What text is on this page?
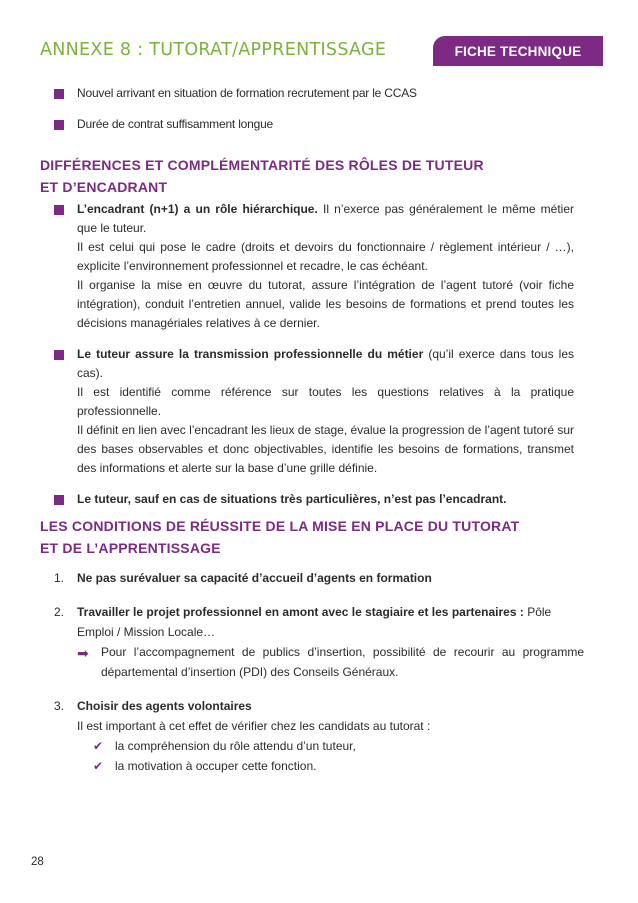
ANNEXE 8 : TUTORAT/APPRENTISSAGE	FICHE TECHNIQUE
Nouvel arrivant en situation de formation recrutement par le CCAS
Durée de contrat suffisamment longue
DIFFÉRENCES ET COMPLÉMENTARITÉ DES RÔLES DE TUTEUR
ET D’ENCADRANT

L’encadrant (n+1) a un rôle hiérarchique. Il n’exerce pas généralement le même métier que le tuteur.

Il est celui qui pose le cadre (droits et devoirs du fonctionnaire / règlement intérieur / …), explicite l’environnement professionnel et recadre, le cas échéant.

Il organise la mise en œuvre du tutorat, assure l’intégration de l’agent tutoré (voir fiche intégration), conduit l’entretien annuel, valide les besoins de formations et prend toutes les décisions managériales relatives à ce dernier.

Le tuteur assure la transmission professionnelle du métier (qu’il exerce dans tous les cas).

Il est identifié comme référence sur toutes les questions relatives à la pratique professionnelle.

Il définit en lien avec l’encadrant les lieux de stage, évalue la progression de l’agent tutoré sur des bases observables et donc objectivables, identifie les besoins de formations, transmet des informations et alerte sur la base d’une grille définie.

Le tuteur, sauf en cas de situations très particulières, n’est pas l’encadrant.

LES CONDITIONS DE RÉUSSITE DE LA MISE EN PLACE DU TUTORAT
ET DE L’APPRENTISSAGE
1. Ne pas surévaluer sa capacité d’accueil d’agents en formation
2. Travailler le projet professionnel en amont avec le stagiaire et les partenaires : Pôle Emploi / Mission Locale…
➡ Pour l’accompagnement de publics d’insertion, possibilité de recourir au programme départemental d’insertion (PDI) des Conseils Généraux.
3. Choisir des agents volontaires
Il est important à cet effet de vérifier chez les candidats au tutorat :
✔ la compréhension du rôle attendu d’un tuteur,
✔ la motivation à occuper cette fonction.
28
